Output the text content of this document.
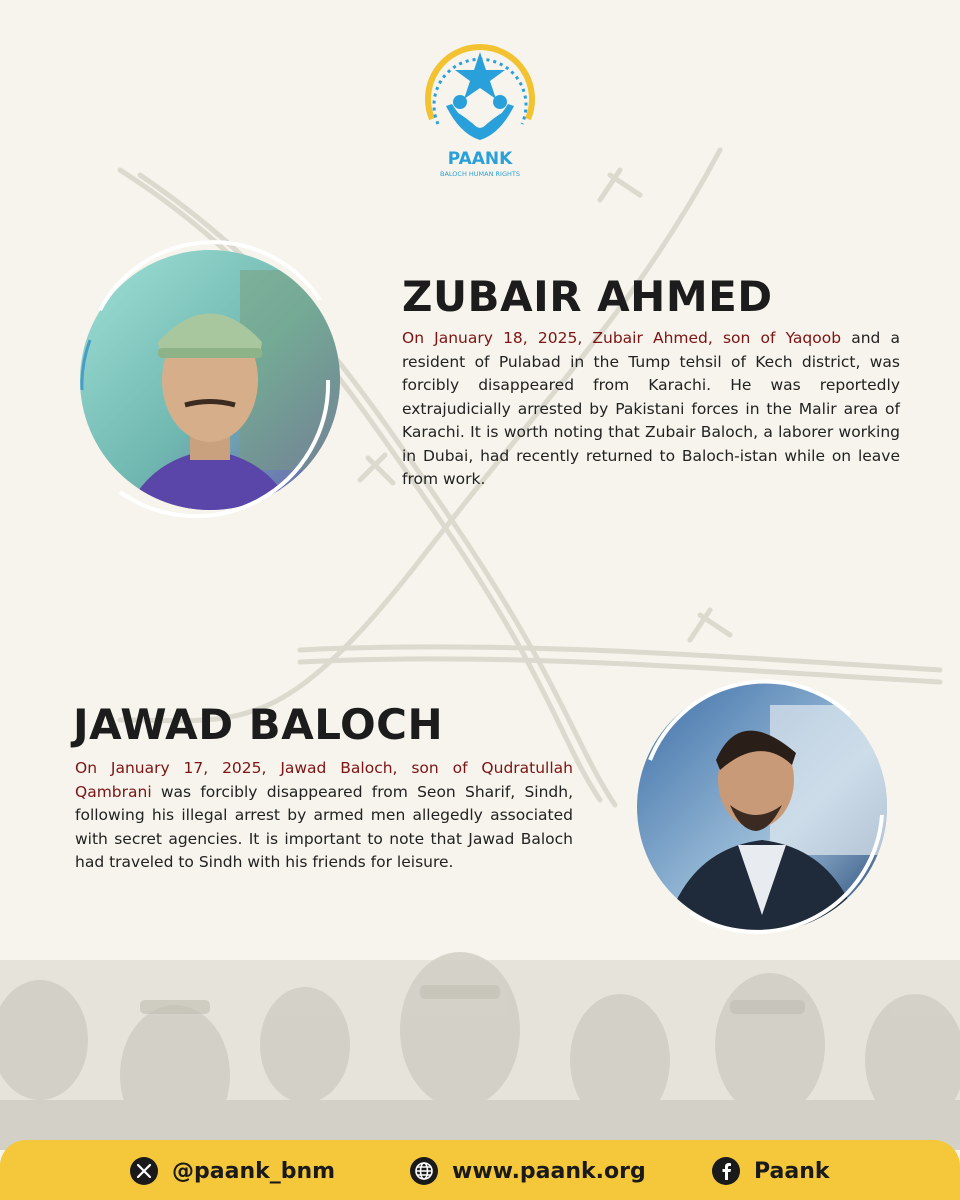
PAANK
BALOCH HUMAN RIGHTS
ZUBAIR AHMED

On January 18, 2025, Zubair Ahmed, son of Yaqoob and a resident of Pulabad in the Tump tehsil of Kech district, was forcibly disappeared from Karachi. He was reportedly extrajudicially arrested by Pakistani forces in the Malir area of Karachi. It is worth noting that Zubair Baloch, a laborer working in Dubai, had recently returned to Baloch-istan while on leave from work.

JAWAD BALOCH

On January 17, 2025, Jawad Baloch, son of Qudratullah Qambrani was forcibly disappeared from Seon Sharif, Sindh, following his illegal arrest by armed men allegedly associated with secret agencies. It is important to note that Jawad Baloch had traveled to Sindh with his friends for leisure.

@paank_bnm	www.paank.org	Paank
